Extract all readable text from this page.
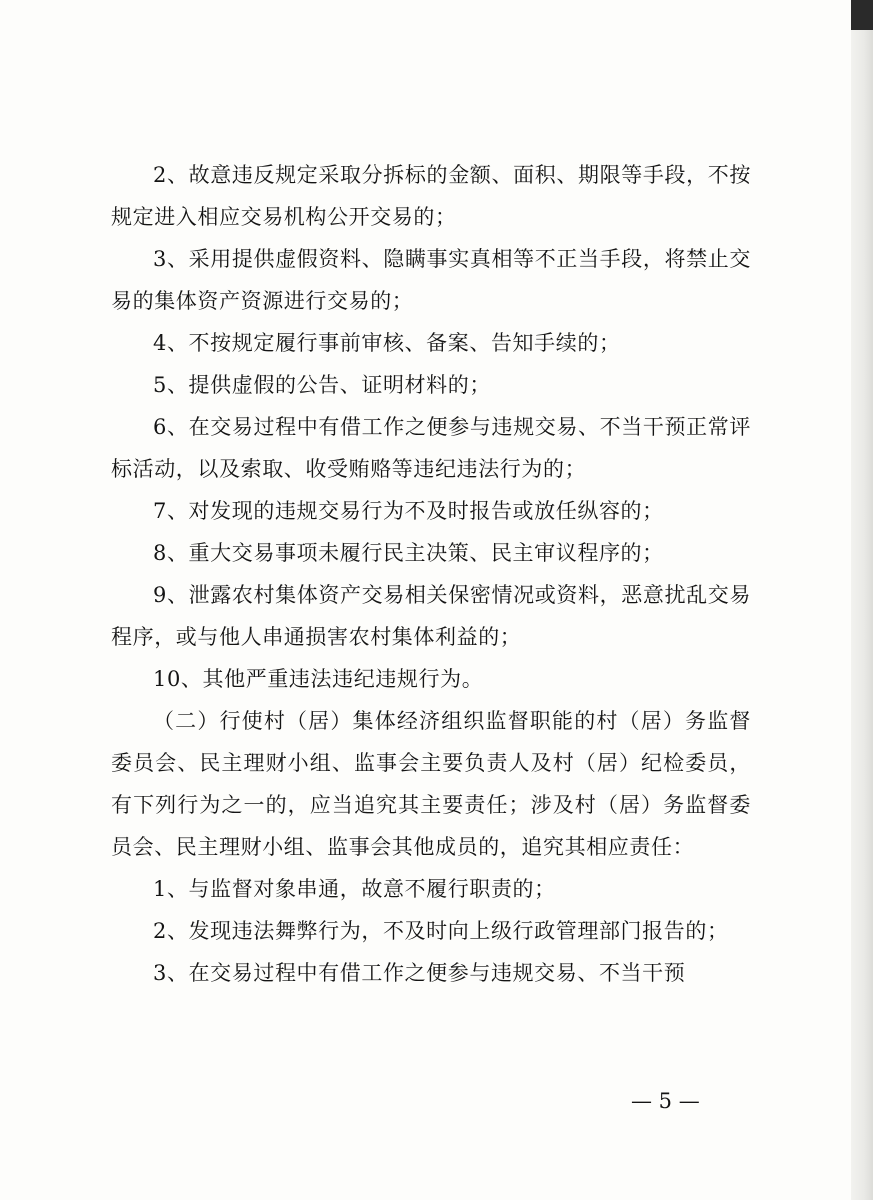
2、故意违反规定采取分拆标的金额、面积、期限等手段，不按规定进入相应交易机构公开交易的；

3、采用提供虚假资料、隐瞒事实真相等不正当手段，将禁止交易的集体资产资源进行交易的；

4、不按规定履行事前审核、备案、告知手续的；

5、提供虚假的公告、证明材料的；

6、在交易过程中有借工作之便参与违规交易、不当干预正常评标活动，以及索取、收受贿赂等违纪违法行为的；

7、对发现的违规交易行为不及时报告或放任纵容的；

8、重大交易事项未履行民主决策、民主审议程序的；

9、泄露农村集体资产交易相关保密情况或资料，恶意扰乱交易程序，或与他人串通损害农村集体利益的；

10、其他严重违法违纪违规行为。

（二）行使村（居）集体经济组织监督职能的村（居）务监督委员会、民主理财小组、监事会主要负责人及村（居）纪检委员，有下列行为之一的，应当追究其主要责任；涉及村（居）务监督委员会、民主理财小组、监事会其他成员的，追究其相应责任：

1、与监督对象串通，故意不履行职责的；

2、发现违法舞弊行为，不及时向上级行政管理部门报告的；

3、在交易过程中有借工作之便参与违规交易、不当干预

— 5 —
